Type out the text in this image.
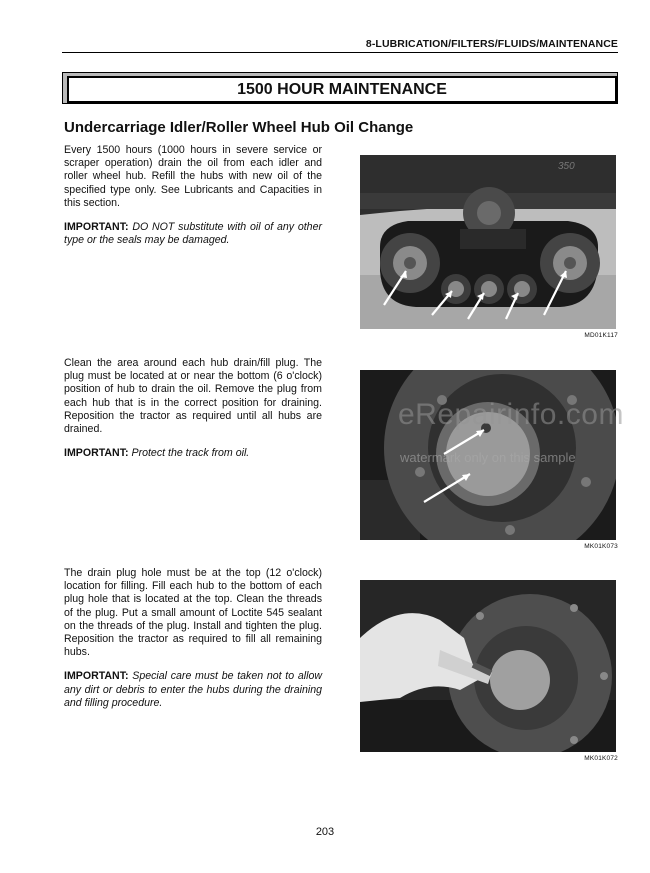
8-LUBRICATION/FILTERS/FLUIDS/MAINTENANCE
1500 HOUR MAINTENANCE
Undercarriage Idler/Roller Wheel Hub Oil Change

Every 1500 hours (1000 hours in severe service or scraper operation) drain the oil from each idler and roller wheel hub. Refill the hubs with new oil of the specified type only. See Lubricants and Capacities in this section.

IMPORTANT: DO NOT substitute with oil of any other type or the seals may be damaged.

Clean the area around each hub drain/fill plug. The plug must be located at or near the bottom (6 o'clock) position of hub to drain the oil. Remove the plug from each hub that is in the correct position for draining. Reposition the tractor as required until all hubs are drained.

IMPORTANT: Protect the track from oil.

The drain plug hole must be at the top (12 o'clock) location for filling. Fill each hub to the bottom of each plug hole that is located at the top. Clean the threads of the plug. Put a small amount of Loctite 545 sealant on the threads of the plug. Install and tighten the plug. Reposition the tractor as required to fill all remaining hubs.

IMPORTANT: Special care must be taken not to allow any dirt or debris to enter the hubs during the draining and filling procedure.

350
MD01K117
MK01K073
MK01K072
eRepairinfo.com
watermark only on this sample
203
